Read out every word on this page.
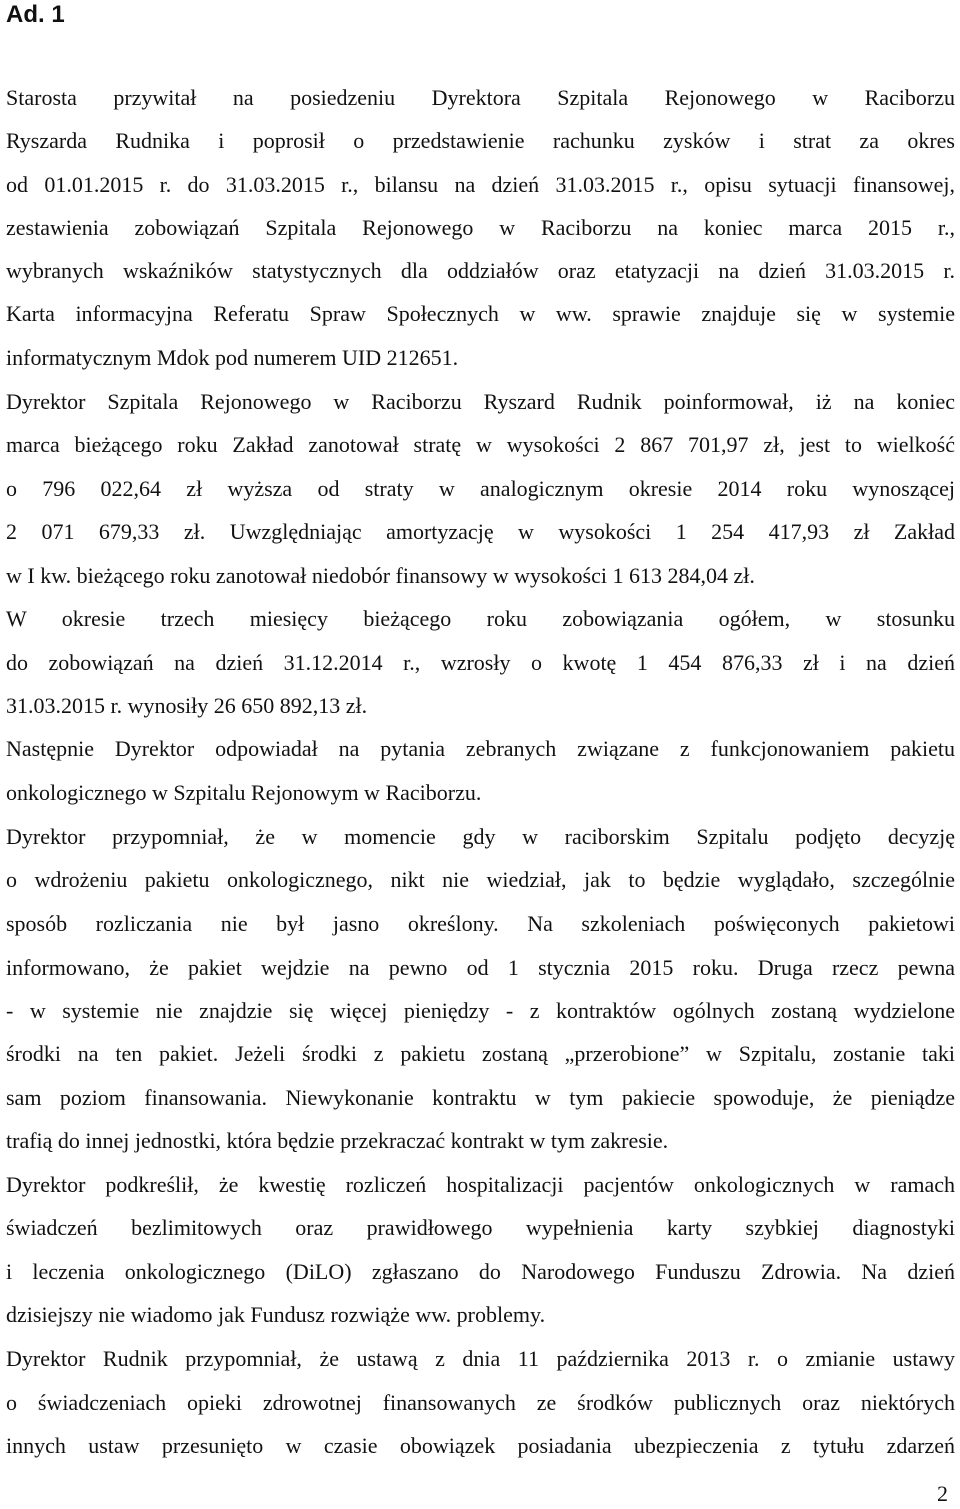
Ad. 1
Starosta przywitał na posiedzeniu Dyrektora Szpitala Rejonowego w Raciborzu
Ryszarda Rudnika i poprosił o przedstawienie rachunku zysków i strat za okres
od 01.01.2015 r. do 31.03.2015 r., bilansu na dzień 31.03.2015 r., opisu sytuacji finansowej,
zestawienia zobowiązań Szpitala Rejonowego w Raciborzu na koniec marca 2015 r.,
wybranych wskaźników statystycznych dla oddziałów oraz etatyzacji na dzień 31.03.2015 r.
Karta informacyjna Referatu Spraw Społecznych w ww. sprawie znajduje się w systemie
informatycznym Mdok pod numerem UID 212651.
Dyrektor Szpitala Rejonowego w Raciborzu Ryszard Rudnik poinformował, iż na koniec
marca bieżącego roku Zakład zanotował stratę w wysokości 2 867 701,97 zł, jest to wielkość
o 796 022,64 zł wyższa od straty w analogicznym okresie 2014 roku wynoszącej
2 071 679,33 zł. Uwzględniając amortyzację w wysokości 1 254 417,93 zł Zakład
w I kw. bieżącego roku zanotował niedobór finansowy w wysokości 1 613 284,04 zł.
W okresie trzech miesięcy bieżącego roku zobowiązania ogółem, w stosunku
do zobowiązań na dzień 31.12.2014 r., wzrosły o kwotę 1 454 876,33 zł i na dzień
31.03.2015 r. wynosiły 26 650 892,13 zł.
Następnie Dyrektor odpowiadał na pytania zebranych związane z funkcjonowaniem pakietu
onkologicznego w Szpitalu Rejonowym w Raciborzu.
Dyrektor przypomniał, że w momencie gdy w raciborskim Szpitalu podjęto decyzję
o wdrożeniu pakietu onkologicznego, nikt nie wiedział, jak to będzie wyglądało, szczególnie
sposób rozliczania nie był jasno określony. Na szkoleniach poświęconych pakietowi
informowano, że pakiet wejdzie na pewno od 1 stycznia 2015 roku. Druga rzecz pewna
- w systemie nie znajdzie się więcej pieniędzy - z kontraktów ogólnych zostaną wydzielone
środki na ten pakiet. Jeżeli środki z pakietu zostaną „przerobione” w Szpitalu, zostanie taki
sam poziom finansowania. Niewykonanie kontraktu w tym pakiecie spowoduje, że pieniądze
trafią do innej jednostki, która będzie przekraczać kontrakt w tym zakresie.
Dyrektor podkreślił, że kwestię rozliczeń hospitalizacji pacjentów onkologicznych w ramach
świadczeń bezlimitowych oraz prawidłowego wypełnienia karty szybkiej diagnostyki
i leczenia onkologicznego (DiLO) zgłaszano do Narodowego Funduszu Zdrowia. Na dzień
dzisiejszy nie wiadomo jak Fundusz rozwiąże ww. problemy.
Dyrektor Rudnik przypomniał, że ustawą z dnia 11 października 2013 r. o zmianie ustawy
o świadczeniach opieki zdrowotnej finansowanych ze środków publicznych oraz niektórych
innych ustaw przesunięto w czasie obowiązek posiadania ubezpieczenia z tytułu zdarzeń
2
